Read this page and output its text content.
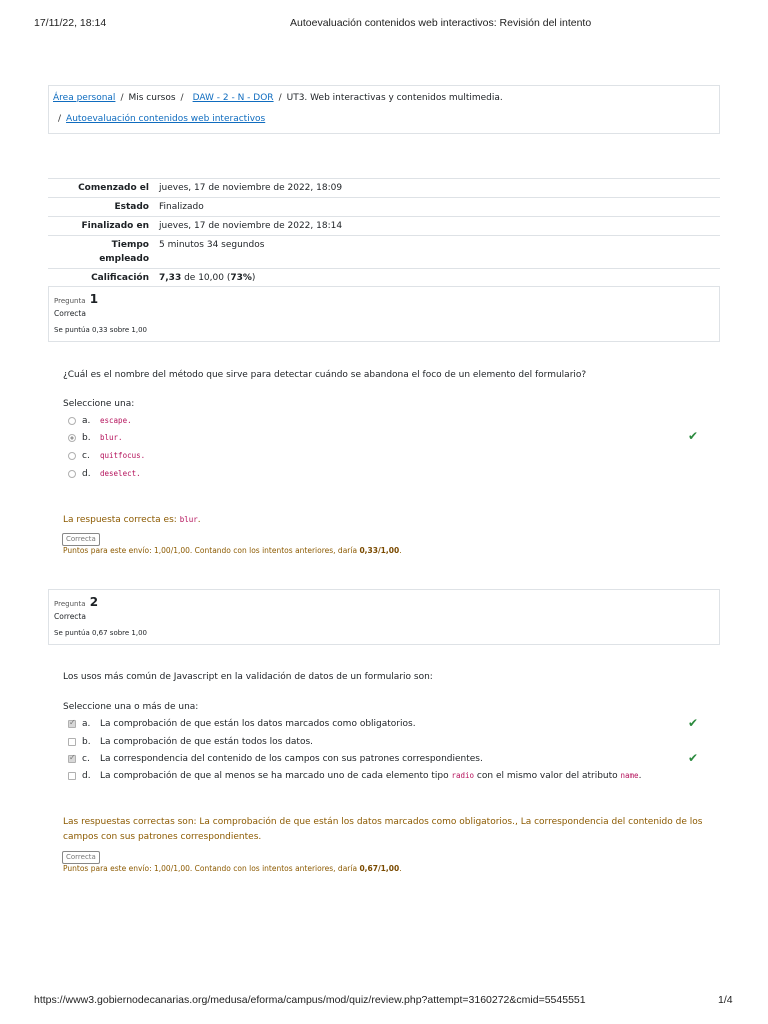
17/11/22, 18:14	Autoevaluación contenidos web interactivos: Revisión del intento
Área personal / Mis cursos / DAW - 2 - N - DOR / UT3. Web interactivas y contenidos multimedia.
/ Autoevaluación contenidos web interactivos
Comenzado el	jueves, 17 de noviembre de 2022, 18:09
Estado	Finalizado
Finalizado en	jueves, 17 de noviembre de 2022, 18:14
Tiempo
empleado	5 minutos 34 segundos
Calificación	7,33 de 10,00 (73%)
Pregunta 1
Correcta
Se puntúa 0,33 sobre 1,00
¿Cuál es el nombre del método que sirve para detectar cuándo se abandona el foco de un elemento del formulario?
Seleccione una:
a. escape.
b. blur.
c. quitfocus.
d. deselect.
✔
La respuesta correcta es: blur.
Correcta
Puntos para este envío: 1,00/1,00. Contando con los intentos anteriores, daría 0,33/1,00.
Pregunta 2
Correcta
Se puntúa 0,67 sobre 1,00
Los usos más común de Javascript en la validación de datos de un formulario son:
Seleccione una o más de una:
✓a. La comprobación de que están los datos marcados como obligatorios.
b. La comprobación de que están todos los datos.
✓c. La correspondencia del contenido de los campos con sus patrones correspondientes.
d. La comprobación de que al menos se ha marcado uno de cada elemento tipo radio con el mismo valor del atributo name.
✔
✔
Las respuestas correctas son: La comprobación de que están los datos marcados como obligatorios., La correspondencia del contenido de los campos con sus patrones correspondientes.
Correcta
Puntos para este envío: 1,00/1,00. Contando con los intentos anteriores, daría 0,67/1,00.
https://www3.gobiernodecanarias.org/medusa/eforma/campus/mod/quiz/review.php?attempt=3160272&cmid=5545551	1/4
